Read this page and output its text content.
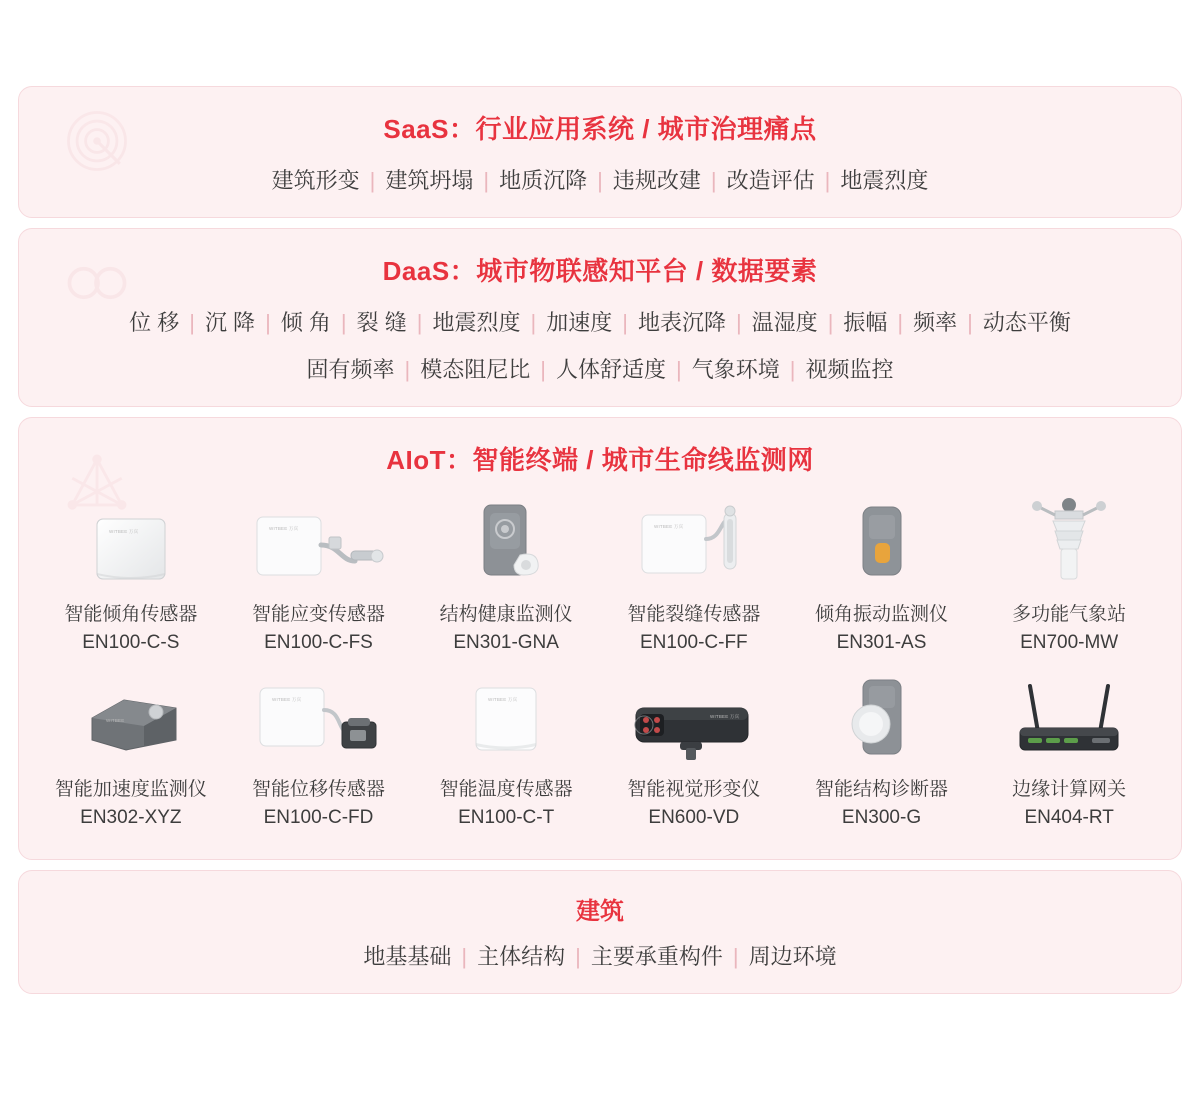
SaaS：行业应用系统 / 城市治理痛点
建筑形变 | 建筑坍塌 | 地质沉降 | 违规改建 | 改造评估 | 地震烈度
DaaS：城市物联感知平台 / 数据要素
位 移 | 沉 降 | 倾 角 | 裂 缝 | 地震烈度 | 加速度 | 地表沉降 | 温湿度 | 振幅 | 频率 | 动态平衡
固有频率 | 模态阻尼比 | 人体舒适度 | 气象环境 | 视频监控
AIoT：智能终端 / 城市生命线监测网
WITBEE 万宾
智能倾角传感器
EN100-C-S
WITBEE 万宾
智能应变传感器
EN100-C-FS
结构健康监测仪
EN301-GNA
WITBEE 万宾
智能裂缝传感器
EN100-C-FF
倾角振动监测仪
EN301-AS
多功能气象站
EN700-MW
WITBEE
智能加速度监测仪
EN302-XYZ
WITBEE 万宾
智能位移传感器
EN100-C-FD
WITBEE 万宾
智能温度传感器
EN100-C-T
WITBEE 万宾
智能视觉形变仪
EN600-VD
智能结构诊断器
EN300-G
边缘计算网关
EN404-RT
建筑
地基基础 | 主体结构 | 主要承重构件 | 周边环境
